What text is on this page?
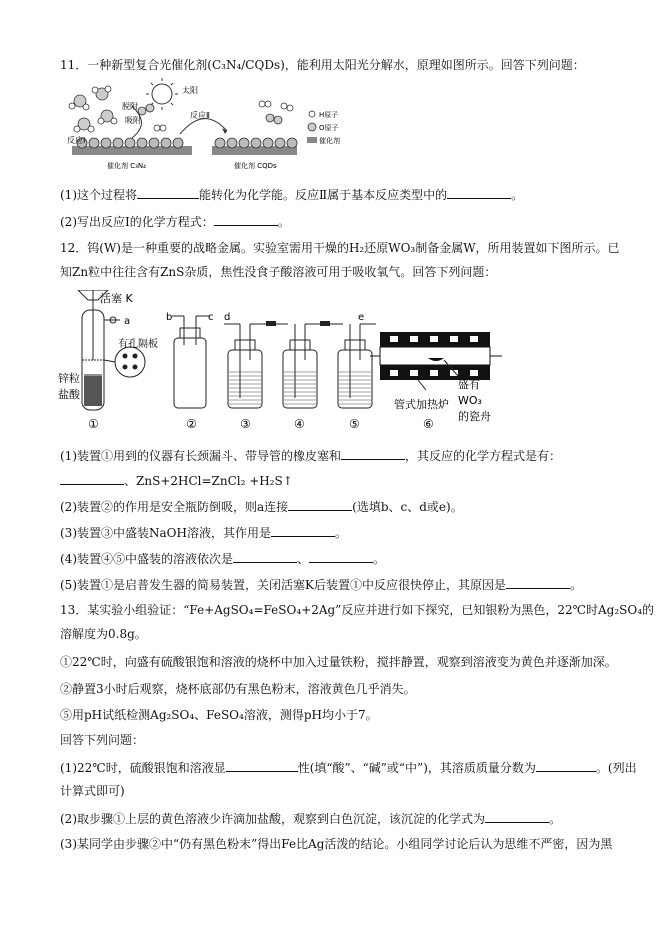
11．一种新型复合光催化剂(C₃N₄/CQDs)，能利用太阳光分解水，原理如图所示。回答下列问题：
吸附
脱附
反应Ⅰ
催化剂 C₃N₄
太阳
反应Ⅱ
催化剂 CQDs
H原子
O原子
催化剂
(1)这个过程将	能转化为化学能。反应Ⅱ属于基本反应类型中的	。
(2)写出反应Ⅰ的化学方程式：	。
12．钨(W)是一种重要的战略金属。实验室需用干燥的H₂还原WO₃制备金属W，所用装置如下图所示。已
知Zn粒中往往含有ZnS杂质，焦性没食子酸溶液可用于吸收氧气。回答下列问题：
活塞 K
a
有孔隔板
锌粒
盐酸
①
b	c
②
d	e
③	④	⑤
管式加热炉
盛有
WO₃
的瓷舟
⑥
(1)装置①用到的仪器有长颈漏斗、带导管的橡皮塞和	，其反应的化学方程式是有：
、ZnS+2HCl=ZnCl₂ +H₂S↑
(2)装置②的作用是安全瓶防倒吸，则a连接	(选填b、c、d或e)。
(3)装置③中盛装NaOH溶液，其作用是	。
(4)装置④⑤中盛装的溶液依次是	、	。
(5)装置①是启普发生器的简易装置，关闭活塞K后装置①中反应很快停止，其原因是	。
13．某实验小组验证：“Fe+AgSO₄=FeSO₄+2Ag”反应并进行如下探究，已知银粉为黑色，22℃时Ag₂SO₄的
溶解度为0.8g。
①22℃时，向盛有硫酸银饱和溶液的烧杯中加入过量铁粉，搅拌静置，观察到溶液变为黄色并逐渐加深。
②静置3小时后观察，烧杯底部仍有黑色粉末，溶液黄色几乎消失。
⑤用pH试纸检测Ag₂SO₄、FeSO₄溶液，测得pH均小于7。
回答下列问题：
(1)22℃时，硫酸银饱和溶液显	性(填“酸”、“碱”或“中”)，其溶质质量分数为	。(列出
计算式即可)
(2)取步骤①上层的黄色溶液少许滴加盐酸，观察到白色沉淀，该沉淀的化学式为	。
(3)某同学由步骤②中“仍有黑色粉末”得出Fe比Ag活泼的结论。小组同学讨论后认为思维不严密，因为黑
